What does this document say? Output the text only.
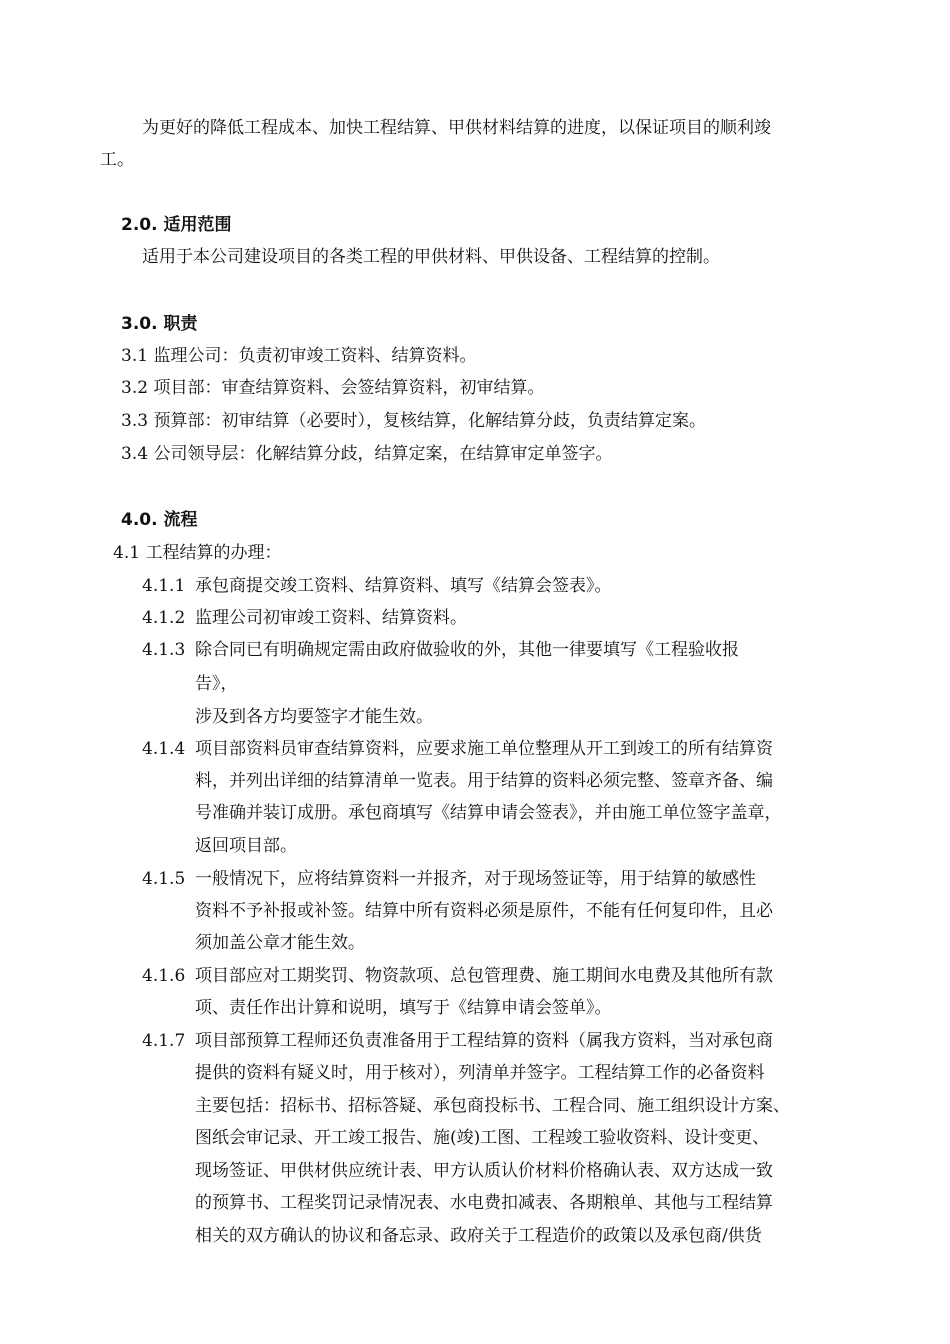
为更好的降低工程成本、加快工程结算、甲供材料结算的进度，以保证项目的顺利竣
工。
2.0. 适用范围
适用于本公司建设项目的各类工程的甲供材料、甲供设备、工程结算的控制。
3.0. 职责
3.1 监理公司：负责初审竣工资料、结算资料。
3.2 项目部：审查结算资料、会签结算资料，初审结算。
3.3 预算部：初审结算（必要时），复核结算，化解结算分歧，负责结算定案。
3.4 公司领导层：化解结算分歧，结算定案，在结算审定单签字。
4.0. 流程
4.1 工程结算的办理：
4.1.1 承包商提交竣工资料、结算资料、填写《结算会签表》。
4.1.2 监理公司初审竣工资料、结算资料。
4.1.3 除合同已有明确规定需由政府做验收的外，其他一律要填写《工程验收报
告》，
涉及到各方均要签字才能生效。
4.1.4 项目部资料员审查结算资料，应要求施工单位整理从开工到竣工的所有结算资
料，并列出详细的结算清单一览表。用于结算的资料必须完整、签章齐备、编
号准确并装订成册。承包商填写《结算申请会签表》，并由施工单位签字盖章，
返回项目部。
4.1.5 一般情况下，应将结算资料一并报齐，对于现场签证等，用于结算的敏感性
资料不予补报或补签。结算中所有资料必须是原件，不能有任何复印件，且必
须加盖公章才能生效。
4.1.6 项目部应对工期奖罚、物资款项、总包管理费、施工期间水电费及其他所有款
项、责任作出计算和说明，填写于《结算申请会签单》。
4.1.7 项目部预算工程师还负责准备用于工程结算的资料（属我方资料，当对承包商
提供的资料有疑义时，用于核对），列清单并签字。工程结算工作的必备资料
主要包括：招标书、招标答疑、承包商投标书、工程合同、施工组织设计方案、
图纸会审记录、开工竣工报告、施(竣)工图、工程竣工验收资料、设计变更、
现场签证、甲供材供应统计表、甲方认质认价材料价格确认表、双方达成一致
的预算书、工程奖罚记录情况表、水电费扣减表、各期粮单、其他与工程结算
相关的双方确认的协议和备忘录、政府关于工程造价的政策以及承包商/供货
